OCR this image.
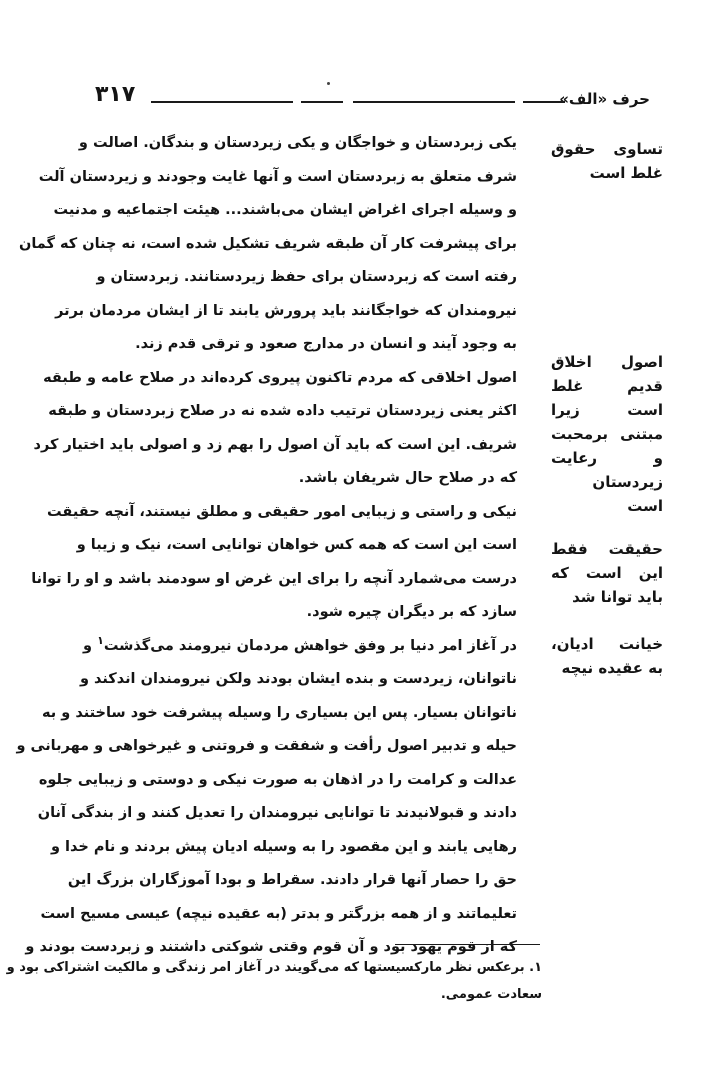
حرف «الف»
۳۱۷
تساوی حقوق
غلط است
اصول اخلاق
قدیم غلط
است زیرا
مبتنی برمحبت
و رعایت
زیردستان
است
حقیقت فقط
این است که
باید توانا شد
خیانت ادیان،
به عقیده نیچه

یکی زبردستان و خواجگان و یکی زیردستان و بندگان. اصالت و
شرف متعلق به زبردستان است و آنها غایت وجودند و زیردستان آلت
و وسیله اجرای اغراض ایشان می‌باشند... هیئت اجتماعیه و مدنیت
برای پیشرفت کار آن طبقه شریف تشکیل شده است، نه چنان که گمان
رفته است که زبردستان برای حفظ زیردستانند. زبردستان و
نیرومندان که خواجگانند باید پرورش یابند تا از ایشان مردمان برتر
به وجود آیند و انسان در مدارج صعود و ترقی قدم زند.

اصول اخلاقی که مردم تاکنون پیروی کرده‌اند در صلاح عامه و طبقه
اکثر یعنی زیردستان ترتیب داده شده نه در صلاح زبردستان و طبقه
شریف. این است که باید آن اصول را بهم زد و اصولی باید اختیار کرد
که در صلاح حال شریفان باشد.

نیکی و راستی و زیبایی امور حقیقی و مطلق نیستند، آنچه حقیقت
است این است که همه کس خواهان توانایی است، نیک و زیبا و
درست می‌شمارد آنچه را برای این غرض او سودمند باشد و او را توانا
سازد که بر دیگران چیره شود.

در آغاز امر دنیا بر وفق خواهش مردمان نیرومند می‌گذشت$^۱$ و
ناتوانان، زیردست و بنده ایشان بودند ولکن نیرومندان اندکند و
ناتوانان بسیار. پس این بسیاری را وسیله پیشرفت خود ساختند و به
حیله و تدبیر اصول رأفت و شفقت و فروتنی و غیرخواهی و مهربانی و
عدالت و کرامت را در اذهان به صورت نیکی و دوستی و زیبایی جلوه
دادند و قبولانیدند تا توانایی نیرومندان را تعدیل کنند و از بندگی آنان
رهایی یابند و این مقصود را به وسیله ادیان پیش بردند و نام خدا و
حق را حصار آنها قرار دادند. سقراط و بودا آموزگاران بزرگ این
تعلیماتند و از همه بزرگتر و بدتر (به عقیده نیچه) عیسی مسیح است
که از قوم یهود بود و آن قوم وقتی شوکتی داشتند و زبردست بودند و

۱. برعکس نظر مارکسیستها که می‌گویند در آغاز امر زندگی و مالکیت اشتراکی بود و
سعادت عمومی.
